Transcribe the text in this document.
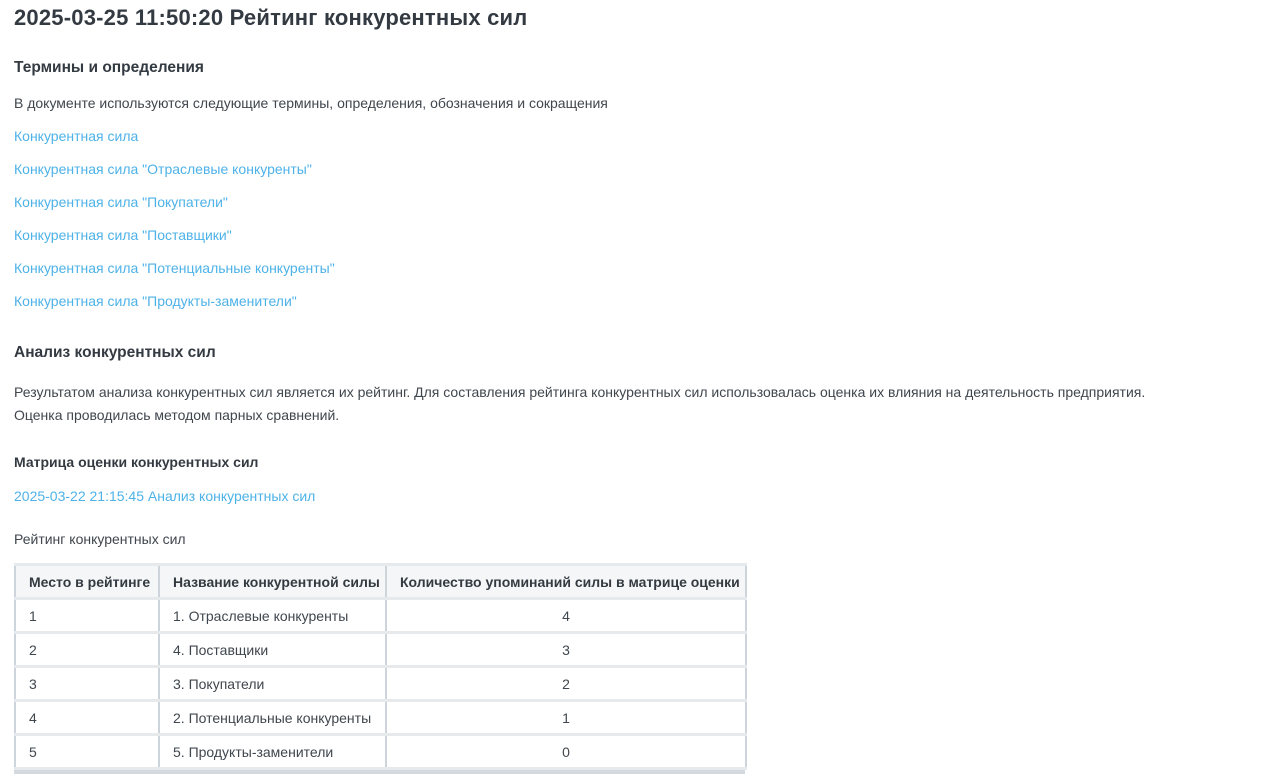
2025-03-25 11:50:20 Рейтинг конкурентных сил
Термины и определения

В документе используются следующие термины, определения, обозначения и сокращения

Конкурентная сила
Конкурентная сила "Отраслевые конкуренты"
Конкурентная сила "Покупатели"
Конкурентная сила "Поставщики"
Конкурентная сила "Потенциальные конкуренты"
Конкурентная сила "Продукты-заменители"
Анализ конкурентных сил

Результатом анализа конкурентных сил является их рейтинг. Для составления рейтинга конкурентных сил использовалась оценка их влияния на деятельность предприятия. Оценка проводилась методом парных сравнений.

Матрица оценки конкурентных сил

2025-03-22 21:15:45 Анализ конкурентных сил

Рейтинг конкурентных сил

Место в рейтинге	Название конкурентной силы	Количество упоминаний силы в матрице оценки
1	1. Отраслевые конкуренты	4
2	4. Поставщики	3
3	3. Покупатели	2
4	2. Потенциальные конкуренты	1
5	5. Продукты-заменители	0
